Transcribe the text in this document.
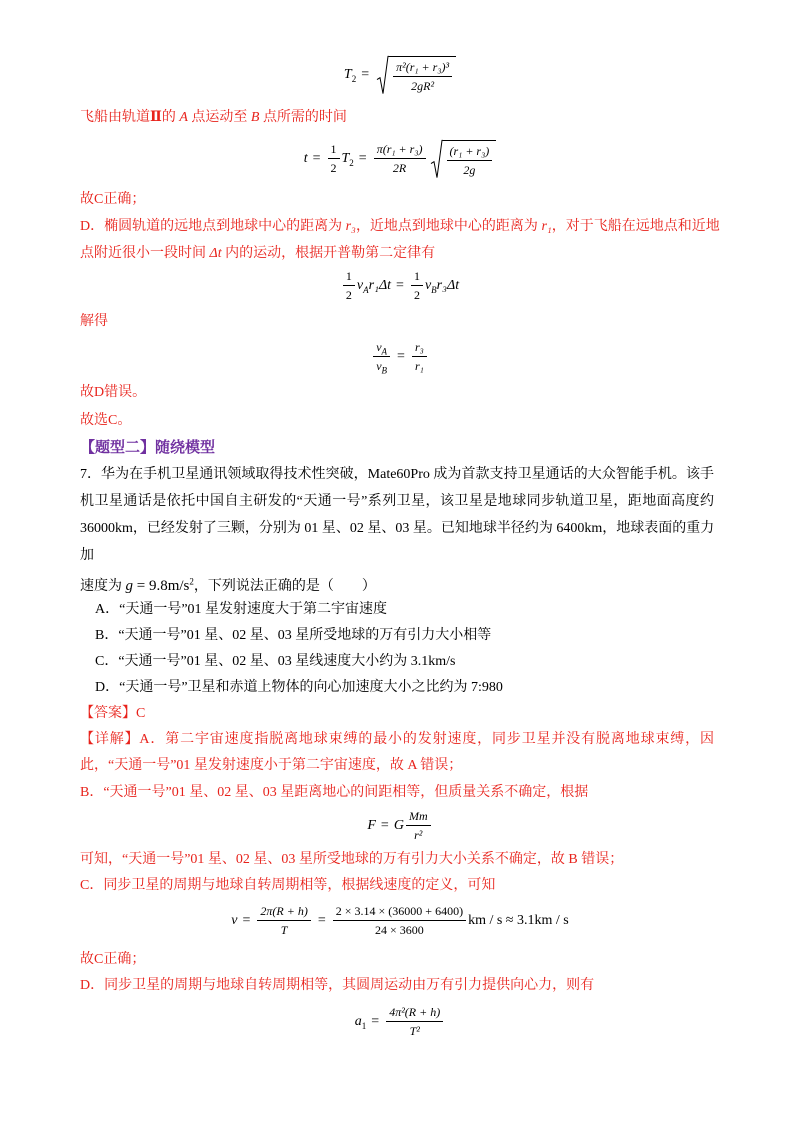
$T_2 = \frac{\text{π²(r₁ + r₃)³}}{\text{2gR²}}$
飞船由轨道Ⅱ的 A 点运动至 B 点所需的时间
$t = \frac{1}{2} T_2 = \frac{\text{π(r₁ + r₃)}}{2R} \frac{\text{(r₁ + r₃)}}{2g}$
故C正确；
D．椭圆轨道的远地点到地球中心的距离为 r₃，近地点到地球中心的距离为 r₁，对于飞船在远地点和近地
点附近很小一段时间 Δt 内的运动，根据开普勒第二定律有
$\frac{1}{2} v_Ar_1\Delta t = \frac{1}{2} v_Br_3\Delta t$
解得
$\frac{v_A}{v_B} = \frac{\text{r₃}}{\text{r₁}}$
故D错误。
故选C。
【题型二】随绕模型
7．华为在手机卫星通讯领域取得技术性突破，Mate60Pro 成为首款支持卫星通话的大众智能手机。该手
机卫星通话是依托中国自主研发的“天通一号”系列卫星，该卫星是地球同步轨道卫星，距地面高度约
36000km，已经发射了三颗，分别为 01 星、02 星、03 星。已知地球半径约为 6400km，地球表面的重力
加
速度为 $g = 9.8m/s^2$，下列说法正确的是（　　）
A．“天通一号”01 星发射速度大于第二宇宙速度
B．“天通一号”01 星、02 星、03 星所受地球的万有引力大小相等
C．“天通一号”01 星、02 星、03 星线速度大小约为 3.1km/s
D．“天通一号”卫星和赤道上物体的向心加速度大小之比约为 7:980
【答案】C
【详解】A．第二宇宙速度指脱离地球束缚的最小的发射速度，同步卫星并没有脱离地球束缚，因
此，“天通一号”01 星发射速度小于第二宇宙速度，故 A 错误；
B．“天通一号”01 星、02 星、03 星距离地心的间距相等，但质量关系不确定，根据
F = G $\frac{Mm}{\text{r²}}$
可知，“天通一号”01 星、02 星、03 星所受地球的万有引力大小关系不确定，故 B 错误；
C．同步卫星的周期与地球自转周期相等，根据线速度的定义，可知
$v = \frac{2\pi(R + h)}{T} = \frac{2 \times 3.14 \times (36000 + 6400)}{24 \times 3600}$ km / s ≈ 3.1km / s
故C正确；
D．同步卫星的周期与地球自转周期相等，其圆周运动由万有引力提供向心力，则有
$a_1 = \frac{\text{4π²(R + h)}}{\text{T²}}$
